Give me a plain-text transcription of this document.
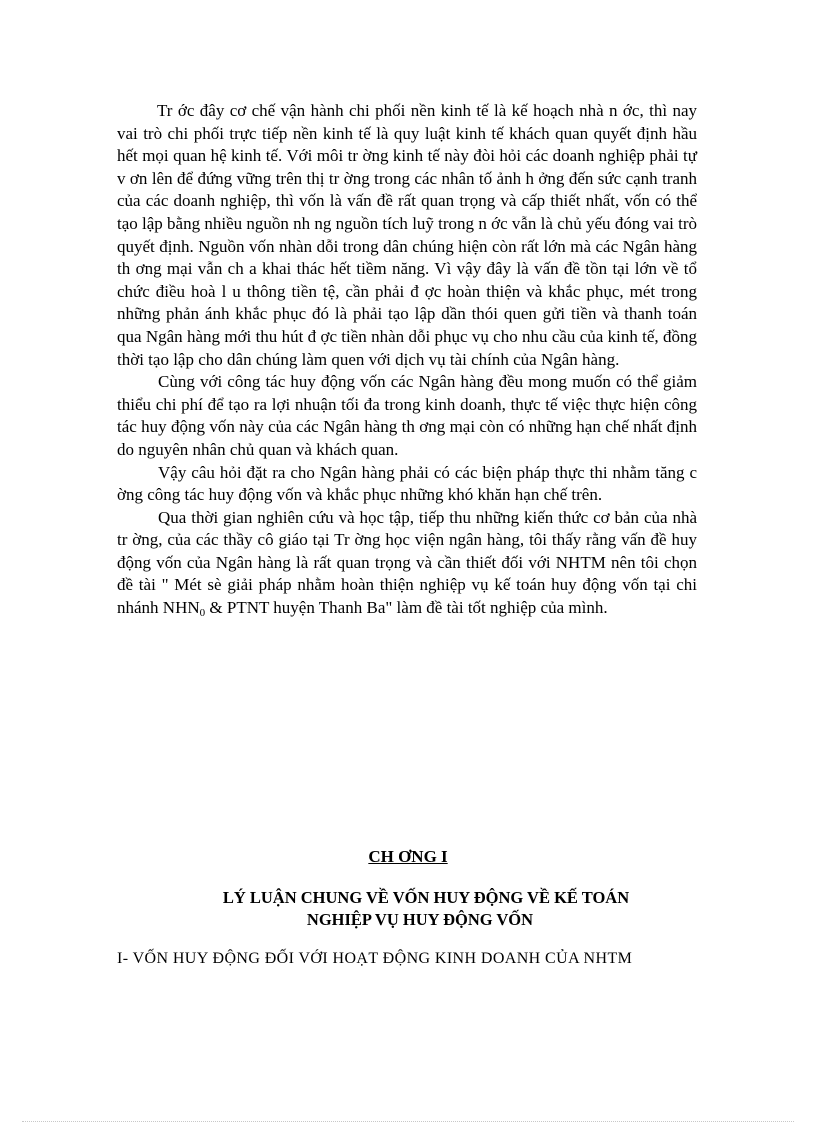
Tr ớc đây cơ chế vận hành chi phối nền kinh tế là kế hoạch nhà n ớc, thì nay vai trò chi phối trực tiếp nền kinh tế là quy luật kinh tế khách quan quyết định hầu hết mọi quan hệ kinh tế. Với môi tr ờng kinh tế này đòi hỏi các doanh nghiệp phải tự v ơn lên để đứng vững trên thị tr ờng trong các nhân tố ảnh h ởng đến sức cạnh tranh của các doanh nghiệp, thì vốn là vấn đề rất quan trọng và cấp thiết nhất, vốn có thể tạo lập bằng nhiều nguồn nh ng nguồn tích luỹ trong n ớc vẫn là chủ yếu đóng vai trò quyết định. Nguồn vốn nhàn dỗi trong dân chúng hiện còn rất lớn mà các Ngân hàng th ơng mại vẫn ch a khai thác hết tiềm năng. Vì vậy đây là vấn đề tồn tại lớn về tổ chức điều hoà l u thông tiền tệ, cần phải đ ợc hoàn thiện và khắc phục, mét trong những phản ánh khắc phục đó là phải tạo lập dần thói quen gửi tiền và thanh toán qua Ngân hàng mới thu hút đ ợc tiền nhàn dỗi phục vụ cho nhu cầu của kinh tế, đồng thời tạo lập cho dân chúng làm quen với dịch vụ tài chính của Ngân hàng.

Cùng với công tác huy động vốn các Ngân hàng đều mong muốn có thể giảm thiểu chi phí để tạo ra lợi nhuận tối đa trong kinh doanh, thực tế việc thực hiện công tác huy động vốn này của các Ngân hàng th ơng mại còn có những hạn chế nhất định do nguyên nhân chủ quan và khách quan.

Vậy câu hỏi đặt ra cho Ngân hàng phải có các biện pháp thực thi nhằm tăng c ờng công tác huy động vốn và khắc phục những khó khăn hạn chế trên.

Qua thời gian nghiên cứu và học tập, tiếp thu những kiến thức cơ bản của nhà tr ờng, của các thầy cô giáo tại Tr ờng học viện ngân hàng, tôi thấy rằng vấn đề huy động vốn của Ngân hàng là rất quan trọng và cần thiết đối với NHTM nên tôi chọn đề tài " Mét sè giải pháp nhằm hoàn thiện nghiệp vụ kế toán huy động vốn tại chi nhánh $NHN_0$ & PTNT huyện Thanh Ba" làm đề tài tốt nghiệp của mình.

CH ƠNG I
LÝ LUẬN CHUNG VỀ VỐN HUY ĐỘNG VỀ KẾ TOÁN
NGHIỆP VỤ HUY ĐỘNG VỐN
I- VỐN HUY ĐỘNG ĐỐI VỚI HOẠT ĐỘNG KINH DOANH CỦA NHTM
